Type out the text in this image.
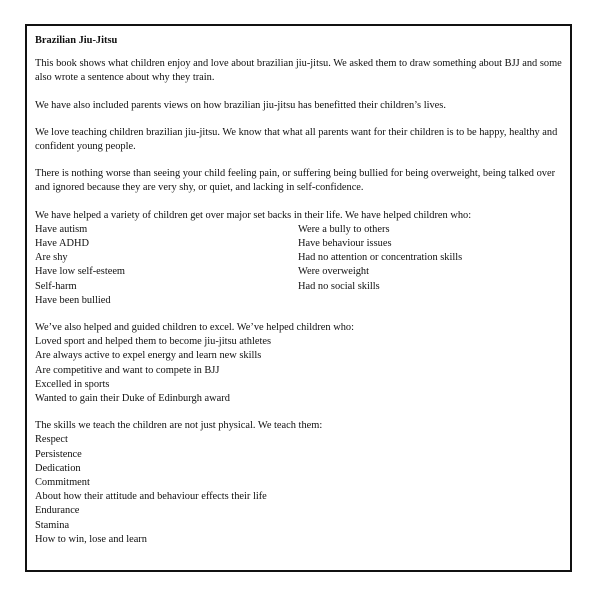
Brazilian Jiu-Jitsu

This book shows what children enjoy and love about brazilian jiu-jitsu. We asked them to draw something about BJJ and some also wrote a sentence about why they train.

We have also included parents views on how brazilian jiu-jitsu has benefitted their children’s lives.

We love teaching children brazilian jiu-jitsu. We know that what all parents want for their children is to be happy, healthy and confident young people.

There is nothing worse than seeing your child feeling pain, or suffering being bullied for being overweight, being talked over and ignored because they are very shy, or quiet, and lacking in self-confidence.

We have helped a variety of children get over major set backs in their life. We have helped children who:
Have autism
Have ADHD
Are shy
Have low self-esteem
Self-harm
Have been bullied
Were a bully to others
Have behaviour issues
Had no attention or concentration skills
Were overweight
Had no social skills
We’ve also helped and guided children to excel. We’ve helped children who:
Loved sport and helped them to become jiu-jitsu athletes
Are always active to expel energy and learn new skills
Are competitive and want to compete in BJJ
Excelled in sports
Wanted to gain their Duke of Edinburgh award
The skills we teach the children are not just physical. We teach them:
Respect
Persistence
Dedication
Commitment
About how their attitude and behaviour effects their life
Endurance
Stamina
How to win, lose and learn
